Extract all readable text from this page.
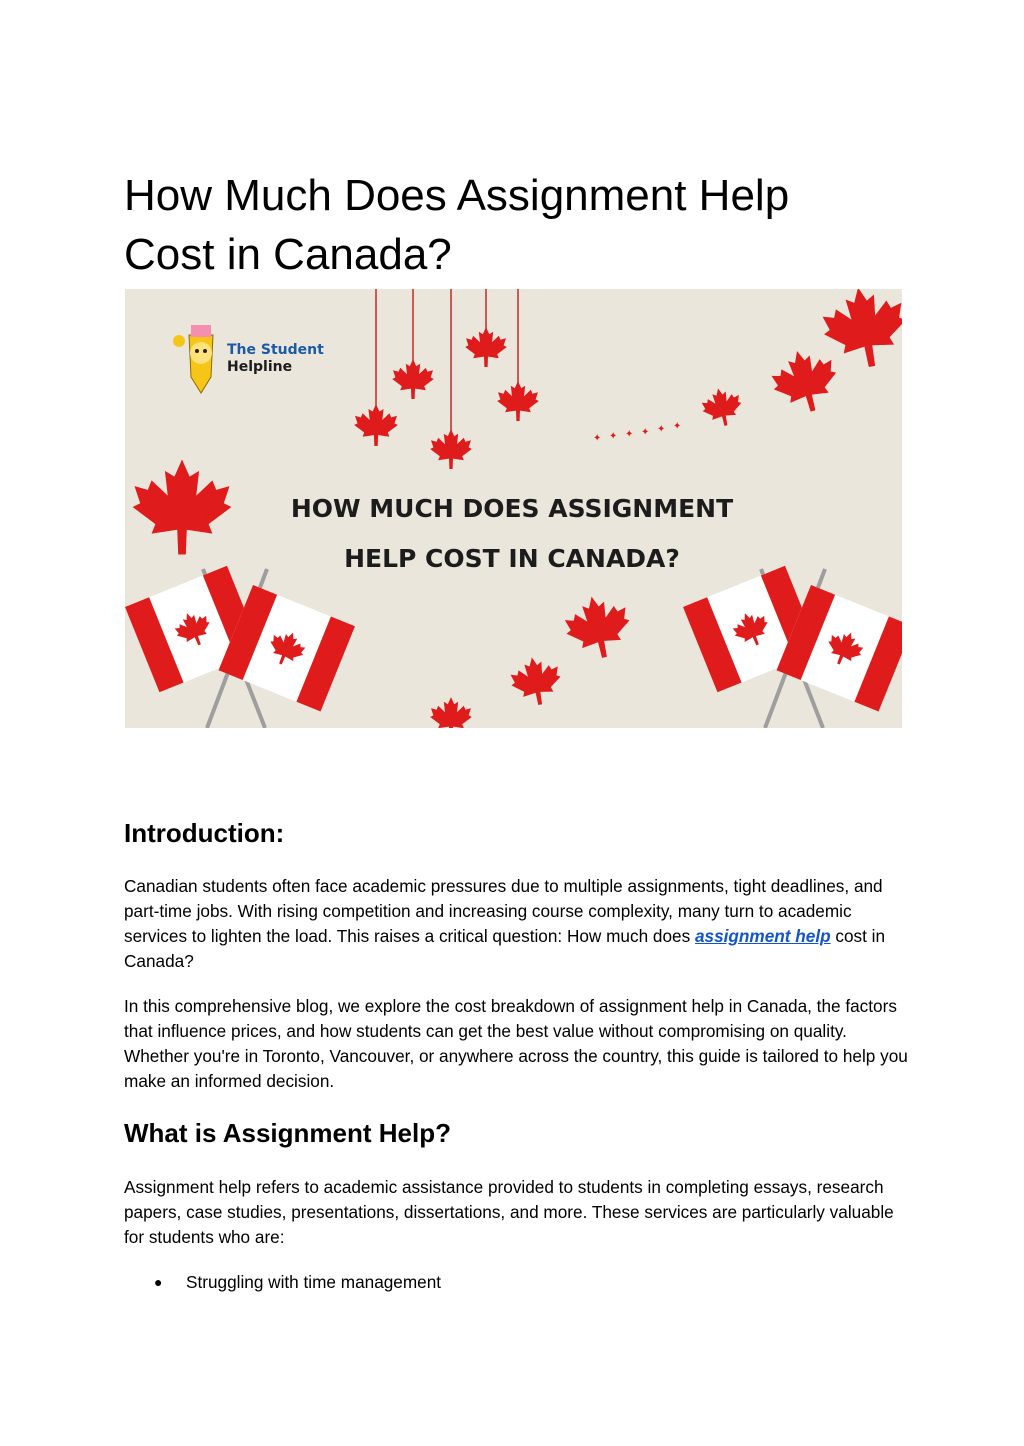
How Much Does Assignment Help
Cost in Canada?
✦ ✦ ✦ ✦ ✦ ✦
The Student
Helpline
HOW MUCH DOES ASSIGNMENT
HELP COST IN CANADA?
Introduction:

Canadian students often face academic pressures due to multiple assignments, tight deadlines, and part-time jobs. With rising competition and increasing course complexity, many turn to academic services to lighten the load. This raises a critical question: How much does assignment help cost in Canada?

In this comprehensive blog, we explore the cost breakdown of assignment help in Canada, the factors that influence prices, and how students can get the best value without compromising on quality. Whether you're in Toronto, Vancouver, or anywhere across the country, this guide is tailored to help you make an informed decision.

What is Assignment Help?

Assignment help refers to academic assistance provided to students in completing essays, research papers, case studies, presentations, dissertations, and more. These services are particularly valuable for students who are:

● Struggling with time management
